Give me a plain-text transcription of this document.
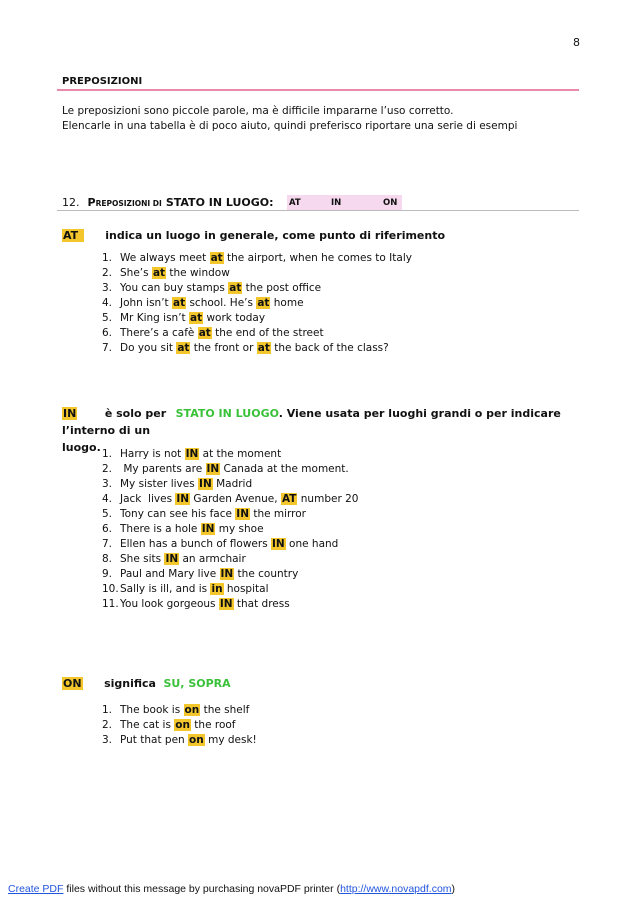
8
PREPOSIZIONI
Le preposizioni sono piccole parole, ma è difficile impararne l’uso corretto.
Elencarle in una tabella è di poco aiuto, quindi preferisco riportare una serie di esempi
12. P REPOSIZIONI DI STATO IN LUOGO: AT	IN	ON
AT indica un luogo in generale, come punto di riferimento
1. We always meet at the airport, when he comes to Italy
2. She’s at the window
3. You can buy stamps at the post office
4. John isn’t at school. He’s at home
5. Mr King isn’t at work today
6. There’s a cafè at the end of the street
7. Do you sit at the front or at the back of the class?
IN	è solo per STATO IN LUOGO. Viene usata per luoghi grandi o per indicare l’interno di un
luogo. 1. Harry is not IN at the moment
2. My parents are IN Canada at the moment.
3. My sister lives IN Madrid
4. Jack  lives IN Garden Avenue, AT number 20
5. Tony can see his face IN the mirror
6. There is a hole IN my shoe
7. Ellen has a bunch of flowers IN one hand
8. She sits IN an armchair
9. Paul and Mary live IN the country
10.Sally is ill, and is in hospital
11.You look gorgeous IN that dress
ON significa SU, SOPRA
1. The book is on the shelf
2. The cat is on the roof
3. Put that pen on my desk!
Create PDF files without this message by purchasing novaPDF printer (http://www.novapdf.com)
